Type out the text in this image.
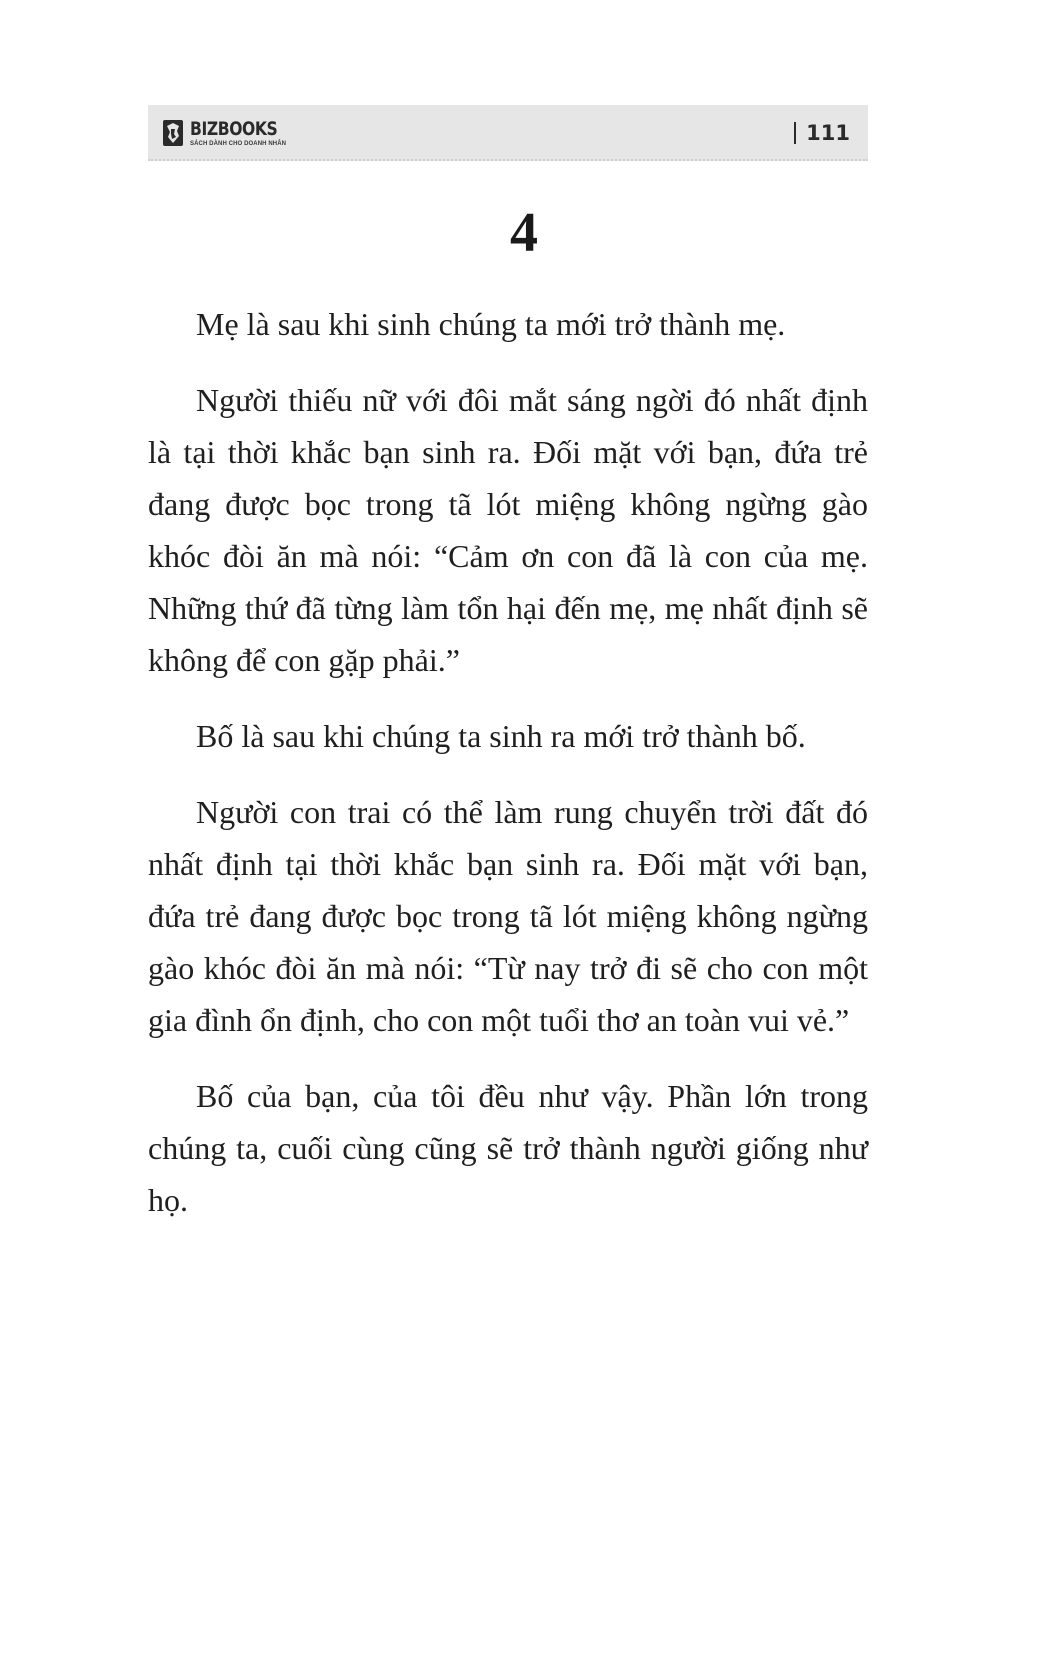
BIZBOOKS
SÁCH DÀNH CHO DOANH NHÂN	111
4

Mẹ là sau khi sinh chúng ta mới trở thành mẹ.

Người thiếu nữ với đôi mắt sáng ngời đó nhất định là tại thời khắc bạn sinh ra. Đối mặt với bạn, đứa trẻ đang được bọc trong tã lót miệng không ngừng gào khóc đòi ăn mà nói: “Cảm ơn con đã là con của mẹ. Những thứ đã từng làm tổn hại đến mẹ, mẹ nhất định sẽ không để con gặp phải.”

Bố là sau khi chúng ta sinh ra mới trở thành bố.

Người con trai có thể làm rung chuyển trời đất đó nhất định tại thời khắc bạn sinh ra. Đối mặt với bạn, đứa trẻ đang được bọc trong tã lót miệng không ngừng gào khóc đòi ăn mà nói: “Từ nay trở đi sẽ cho con một gia đình ổn định, cho con một tuổi thơ an toàn vui vẻ.”

Bố của bạn, của tôi đều như vậy. Phần lớn trong chúng ta, cuối cùng cũng sẽ trở thành người giống như họ.
